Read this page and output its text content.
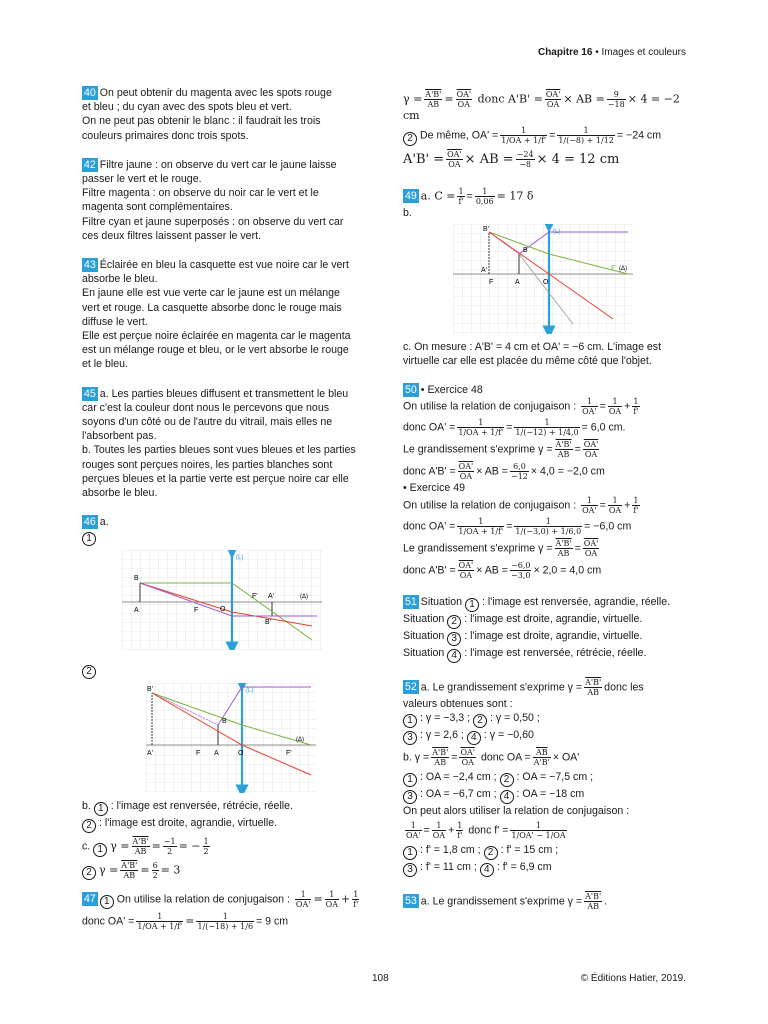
Chapitre 16 • Images et couleurs
40 On peut obtenir du magenta avec les spots rouge
et bleu ; du cyan avec des spots bleu et vert.
On ne peut pas obtenir le blanc : il faudrait les trois
couleurs primaires donc trois spots.
42 Filtre jaune : on observe du vert car le jaune laisse
passer le vert et le rouge.
Filtre magenta : on observe du noir car le vert et le
magenta sont complémentaires.
Filtre cyan et jaune superposés : on observe du vert car
ces deux filtres laissent passer le vert.
43 Éclairée en bleu la casquette est vue noire car le vert
absorbe le bleu.
En jaune elle est vue verte car le jaune est un mélange
vert et rouge. La casquette absorbe donc le rouge mais
diffuse le vert.
Elle est perçue noire éclairée en magenta car le magenta
est un mélange rouge et bleu, or le vert absorbe le rouge
et le bleu.
45 a. Les parties bleues diffusent et transmettent le bleu
car c'est la couleur dont nous le percevons que nous
soyons d'un côté ou de l'autre du vitrail, mais elles ne
l'absorbent pas.
b. Toutes les parties bleues sont vues bleues et les parties
rouges sont perçues noires, les parties blanches sont
perçues bleues et la partie verte est perçue noire car elle
absorbe le bleu.
46 a.
1
B
A	F
F' A'
B'
O
(L)
(Δ)
2
B'
B
A'	F A	O	F'
(L)
(Δ)
b. 1 : l'image est renversée, rétrécie, réelle.
2 : l'image est droite, agrandie, virtuelle.
c. 1 $\gamma = \frac{A'B'}{AB} = \frac{-1}{2}$ = − $\frac{1}{2}$
2 $\gamma = \frac{A'B'}{AB} = \frac{6}{2} = 3$
47 1 On utilise la relation de conjugaison : $\frac{1}{OA'} = \frac{1}{OA} + \frac{1}{f'}$
donc $OA' = \frac{1}{1/OA + 1/f'} = \frac{1}{1/(-18) + 1/6} = 9$ cm
$\gamma = \frac{A'B'}{AB} = \frac{OA'}{OA}$ donc $A'B' = \frac{OA'}{OA}$ × AB = $\frac{9}{-18} \times 4 = -2$ cm
2 De même, $OA' = \frac{1}{1/OA + 1/f'} = \frac{1}{1/(-8) + 1/12} = -24$ cm
$A'B' = \frac{OA'}{OA}$ × AB = $\frac{-24}{-8} \times 4 = 12$ cm
49 a. $C = \frac{1}{f'} = \frac{1}{0,06} = 17$ δ
b.
B'
B
A'
F	A	O
F'
(L)
(Δ)
c. On mesure : A'B' = 4 cm et OA' = −6 cm. L'image est
virtuelle car elle est placée du même côté que l'objet.
50 • Exercice 48
On utilise la relation de conjugaison : $\frac{1}{OA'} = \frac{1}{OA} + \frac{1}{f'}$
donc $OA' = \frac{1}{1/OA + 1/f'} = \frac{1}{1/(-12) + 1/4,0} = 6,0$ cm.
Le grandissement s'exprime $\gamma = \frac{A'B'}{AB} = \frac{OA'}{OA}$
donc $A'B' = \frac{OA'}{OA}$ × AB = $\frac{6,0}{-12} \times 4,0 = -2,0$ cm
• Exercice 49
On utilise la relation de conjugaison : $\frac{1}{OA'} = \frac{1}{OA} + \frac{1}{f'}$
donc $OA' = \frac{1}{1/OA + 1/f'} = \frac{1}{1/(-3,0) + 1/6,0} = -6,0$ cm
Le grandissement s'exprime $\gamma = \frac{A'B'}{AB} = \frac{OA'}{OA}$
donc $A'B' = \frac{OA'}{OA}$ × AB = $\frac{-6,0}{-3,0} \times 2,0 = 4,0$ cm
51 Situation 1 : l'image est renversée, agrandie, réelle.
Situation 2 : l'image est droite, agrandie, virtuelle.
Situation 3 : l'image est droite, agrandie, virtuelle.
Situation 4 : l'image est renversée, rétrécie, réelle.
52 a. Le grandissement s'exprime $\gamma = \frac{A'B'}{AB}$ donc les
valeurs obtenues sont :
1 : γ = −3,3 ; 2 : γ = 0,50 ;
3 : γ = 2,6 ; 4 : γ = −0,60
b. $\gamma = \frac{A'B'}{AB} = \frac{OA'}{OA}$ donc OA = $\frac{\overline{AB}}{A'B'} \times OA'$
1 : OA = −2,4 cm ; 2 : OA = −7,5 cm ;
3 : OA = −6,7 cm ; 4 : OA = −18 cm
On peut alors utiliser la relation de conjugaison :
$\frac{1}{OA'} = \frac{1}{OA} + \frac{1}{f'}$ donc $f' = \frac{1}{1/OA' - 1/OA}$
1 : f' = 1,8 cm ; 2 : f' = 15 cm ;
3 : f' = 11 cm ; 4 : f' = 6,9 cm
53 a. Le grandissement s'exprime $\gamma = \frac{A'B'}{AB}$ .
108	© Éditions Hatier, 2019.
